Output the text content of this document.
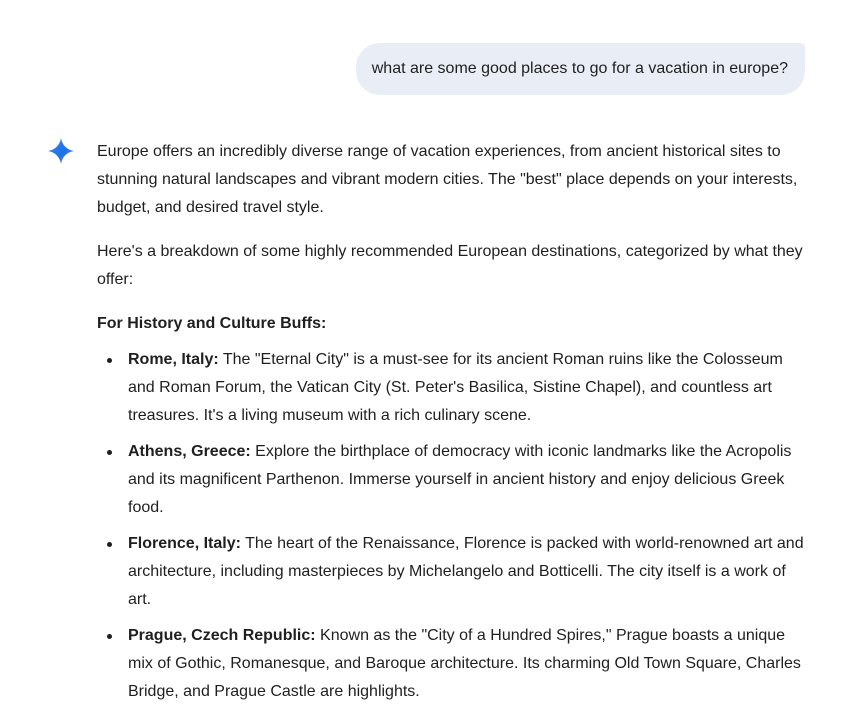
what are some good places to go for a vacation in europe?

Europe offers an incredibly diverse range of vacation experiences, from ancient historical sites to stunning natural landscapes and vibrant modern cities. The "best" place depends on your interests, budget, and desired travel style.

Here's a breakdown of some highly recommended European destinations, categorized by what they offer:

For History and Culture Buffs:
Rome, Italy: The "Eternal City" is a must-see for its ancient Roman ruins like the Colosseum and Roman Forum, the Vatican City (St. Peter's Basilica, Sistine Chapel), and countless art treasures. It's a living museum with a rich culinary scene.
Athens, Greece: Explore the birthplace of democracy with iconic landmarks like the Acropolis and its magnificent Parthenon. Immerse yourself in ancient history and enjoy delicious Greek food.
Florence, Italy: The heart of the Renaissance, Florence is packed with world-renowned art and architecture, including masterpieces by Michelangelo and Botticelli. The city itself is a work of art.
Prague, Czech Republic: Known as the "City of a Hundred Spires," Prague boasts a unique mix of Gothic, Romanesque, and Baroque architecture. Its charming Old Town Square, Charles Bridge, and Prague Castle are highlights.
